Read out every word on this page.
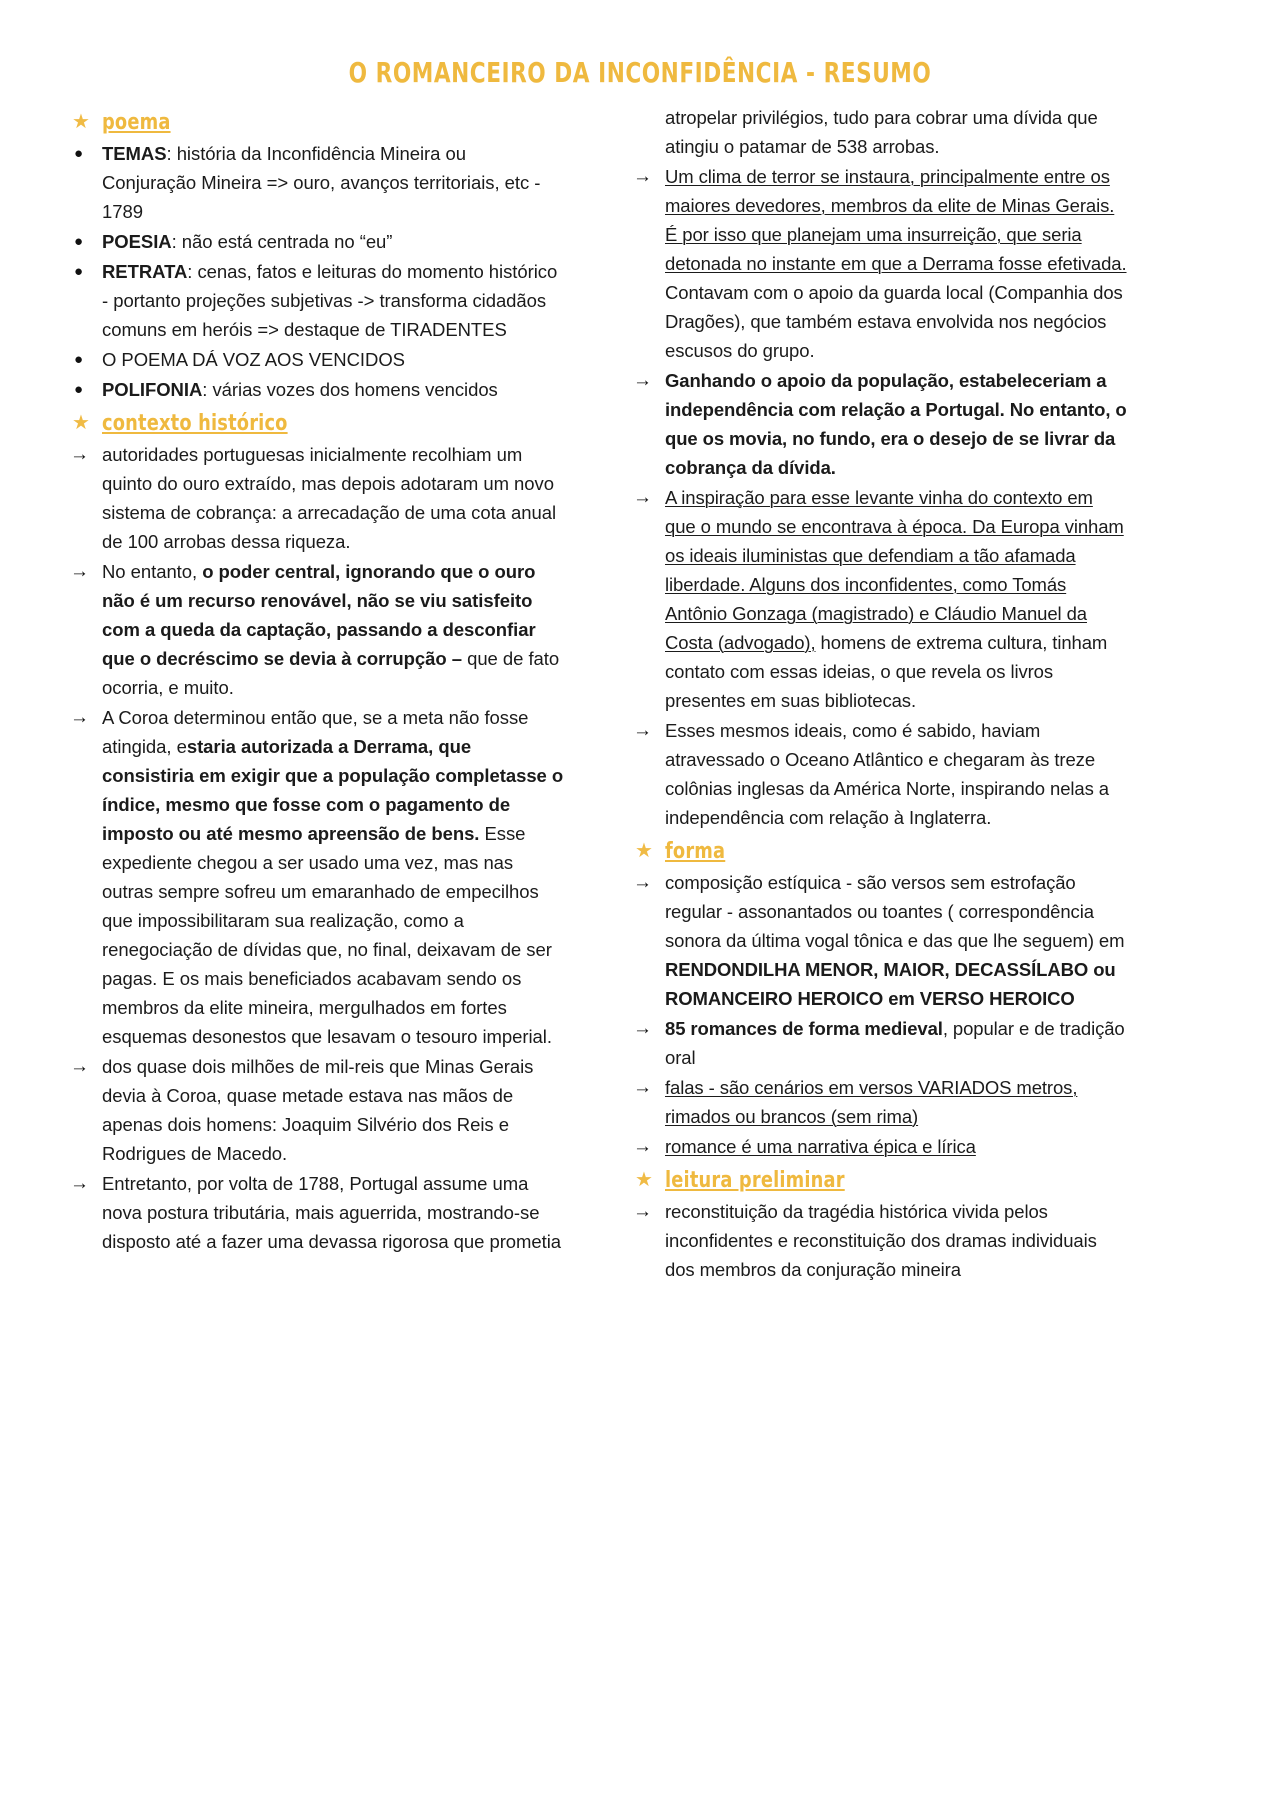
O ROMANCEIRO DA INCONFIDÊNCIA - RESUMO
★ poema
●	TEMAS: história da Inconfidência Mineira ou Conjuração Mineira => ouro, avanços territoriais, etc - 1789
●	POESIA: não está centrada no “eu”
●	RETRATA: cenas, fatos e leituras do momento histórico - portanto projeções subjetivas -> transforma cidadãos comuns em heróis => destaque de TIRADENTES
●	O POEMA DÁ VOZ AOS VENCIDOS
●	POLIFONIA: várias vozes dos homens vencidos
★ contexto histórico
→ autoridades portuguesas inicialmente recolhiam um quinto do ouro extraído, mas depois adotaram um novo sistema de cobrança: a arrecadação de uma cota anual de 100 arrobas dessa riqueza.
→ No entanto, o poder central, ignorando que o ouro não é um recurso renovável, não se viu satisfeito com a queda da captação, passando a desconfiar que o decréscimo se devia à corrupção – que de fato ocorria, e muito.
→ A Coroa determinou então que, se a meta não fosse atingida, estaria autorizada a Derrama, que consistiria em exigir que a população completasse o índice, mesmo que fosse com o pagamento de imposto ou até mesmo apreensão de bens. Esse expediente chegou a ser usado uma vez, mas nas outras sempre sofreu um emaranhado de empecilhos que impossibilitaram sua realização, como a renegociação de dívidas que, no final, deixavam de ser pagas. E os mais beneficiados acabavam sendo os membros da elite mineira, mergulhados em fortes esquemas desonestos que lesavam o tesouro imperial.
→ dos quase dois milhões de mil-reis que Minas Gerais devia à Coroa, quase metade estava nas mãos de apenas dois homens: Joaquim Silvério dos Reis e Rodrigues de Macedo.
→ Entretanto, por volta de 1788, Portugal assume uma nova postura tributária, mais aguerrida, mostrando-se disposto até a fazer uma devassa rigorosa que prometia
atropelar privilégios, tudo para cobrar uma dívida que atingiu o patamar de 538 arrobas.
→ Um clima de terror se instaura, principalmente entre os maiores devedores, membros da elite de Minas Gerais. É por isso que planejam uma insurreição, que seria detonada no instante em que a Derrama fosse efetivada. Contavam com o apoio da guarda local (Companhia dos Dragões), que também estava envolvida nos negócios escusos do grupo.
→ Ganhando o apoio da população, estabeleceriam a independência com relação a Portugal. No entanto, o que os movia, no fundo, era o desejo de se livrar da cobrança da dívida.
→ A inspiração para esse levante vinha do contexto em que o mundo se encontrava à época. Da Europa vinham os ideais iluministas que defendiam a tão afamada liberdade. Alguns dos inconfidentes, como Tomás Antônio Gonzaga (magistrado) e Cláudio Manuel da Costa (advogado), homens de extrema cultura, tinham contato com essas ideias, o que revela os livros presentes em suas bibliotecas.
→ Esses mesmos ideais, como é sabido, haviam atravessado o Oceano Atlântico e chegaram às treze colônias inglesas da América Norte, inspirando nelas a independência com relação à Inglaterra.
★ forma
→ composição estíquica - são versos sem estrofação regular - assonantados ou toantes ( correspondência sonora da última vogal tônica e das que lhe seguem) em RENDONDILHA MENOR, MAIOR, DECASSÍLABO ou ROMANCEIRO HEROICO em VERSO HEROICO
→ 85 romances de forma medieval, popular e de tradição oral
→ falas - são cenários em versos VARIADOS metros, rimados ou brancos (sem rima)
→ romance é uma narrativa épica e lírica
★ leitura preliminar
→ reconstituição da tragédia histórica vivida pelos inconfidentes e reconstituição dos dramas individuais dos membros da conjuração mineira
